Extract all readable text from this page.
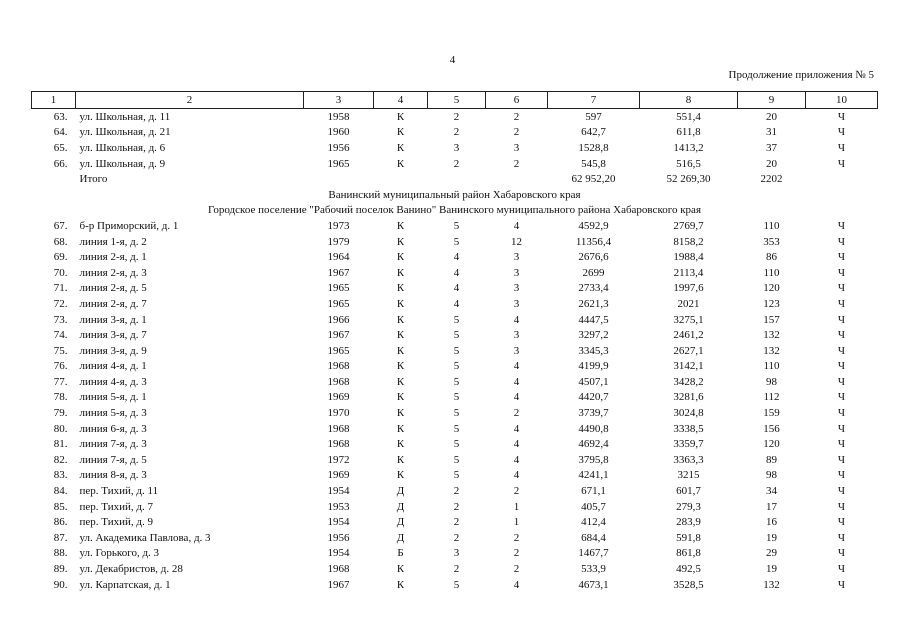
4
Продолжение приложения № 5
1	2	3	4	5	6	7	8	9	10
63.	ул. Школьная, д. 11	1958	К	2	2	597	551,4	20	Ч
64.	ул. Школьная, д. 21	1960	К	2	2	642,7	611,8	31	Ч
65.	ул. Школьная, д. 6	1956	К	3	3	1528,8	1413,2	37	Ч
66.	ул. Школьная, д. 9	1965	К	2	2	545,8	516,5	20	Ч
	Итого					62 952,20	52 269,30	2202	
Ванинский муниципальный район Хабаровского края									
Городское поселение "Рабочий поселок Ванино" Ванинского муниципального района Хабаровского края									
67.	б-р Приморский, д. 1	1973	К	5	4	4592,9	2769,7	110	Ч
68.	линия 1-я, д. 2	1979	К	5	12	11356,4	8158,2	353	Ч
69.	линия 2-я, д. 1	1964	К	4	3	2676,6	1988,4	86	Ч
70.	линия 2-я, д. 3	1967	К	4	3	2699	2113,4	110	Ч
71.	линия 2-я, д. 5	1965	К	4	3	2733,4	1997,6	120	Ч
72.	линия 2-я, д. 7	1965	К	4	3	2621,3	2021	123	Ч
73.	линия 3-я, д. 1	1966	К	5	4	4447,5	3275,1	157	Ч
74.	линия 3-я, д. 7	1967	К	5	3	3297,2	2461,2	132	Ч
75.	линия 3-я, д. 9	1965	К	5	3	3345,3	2627,1	132	Ч
76.	линия 4-я, д. 1	1968	К	5	4	4199,9	3142,1	110	Ч
77.	линия 4-я, д. 3	1968	К	5	4	4507,1	3428,2	98	Ч
78.	линия 5-я, д. 1	1969	К	5	4	4420,7	3281,6	112	Ч
79.	линия 5-я, д. 3	1970	К	5	2	3739,7	3024,8	159	Ч
80.	линия 6-я, д. 3	1968	К	5	4	4490,8	3338,5	156	Ч
81.	линия 7-я, д. 3	1968	К	5	4	4692,4	3359,7	120	Ч
82.	линия 7-я, д. 5	1972	К	5	4	3795,8	3363,3	89	Ч
83.	линия 8-я, д. 3	1969	К	5	4	4241,1	3215	98	Ч
84.	пер. Тихий, д. 11	1954	Д	2	2	671,1	601,7	34	Ч
85.	пер. Тихий, д. 7	1953	Д	2	1	405,7	279,3	17	Ч
86.	пер. Тихий, д. 9	1954	Д	2	1	412,4	283,9	16	Ч
87.	ул. Академика Павлова, д. 3	1956	Д	2	2	684,4	591,8	19	Ч
88.	ул. Горького, д. 3	1954	Б	3	2	1467,7	861,8	29	Ч
89.	ул. Декабристов, д. 28	1968	К	2	2	533,9	492,5	19	Ч
90.	ул. Карпатская, д. 1	1967	К	5	4	4673,1	3528,5	132	Ч
